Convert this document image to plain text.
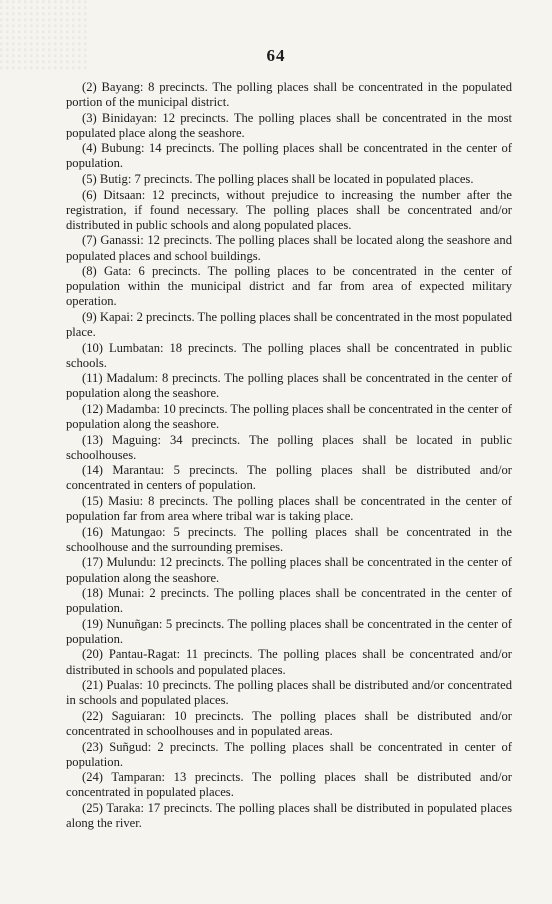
64

(2) Bayang: 8 precincts. The polling places shall be concentrated in the populated portion of the municipal district.

(3) Binidayan: 12 precincts. The polling places shall be concentrated in the most populated place along the seashore.

(4) Bubung: 14 precincts. The polling places shall be concentrated in the center of population.

(5) Butig: 7 precincts. The polling places shall be located in populated places.

(6) Ditsaan: 12 precincts, without prejudice to increasing the number after the registration, if found necessary. The polling places shall be concentrated and/or distributed in public schools and along populated places.

(7) Ganassi: 12 precincts. The polling places shall be located along the seashore and populated places and school buildings.

(8) Gata: 6 precincts. The polling places to be concentrated in the center of population within the municipal district and far from area of expected military operation.

(9) Kapai: 2 precincts. The polling places shall be concentrated in the most populated place.

(10) Lumbatan: 18 precincts. The polling places shall be concentrated in public schools.

(11) Madalum: 8 precincts. The polling places shall be concentrated in the center of population along the seashore.

(12) Madamba: 10 precincts. The polling places shall be concentrated in the center of population along the seashore.

(13) Maguing: 34 precincts. The polling places shall be located in public schoolhouses.

(14) Marantau: 5 precincts. The polling places shall be distributed and/or concentrated in centers of population.

(15) Masiu: 8 precincts. The polling places shall be concentrated in the center of population far from area where tribal war is taking place.

(16) Matungao: 5 precincts. The polling places shall be concentrated in the schoolhouse and the surrounding premises.

(17) Mulundu: 12 precincts. The polling places shall be concentrated in the center of population along the seashore.

(18) Munai: 2 precincts. The polling places shall be concentrated in the center of population.

(19) Nunuñgan: 5 precincts. The polling places shall be concentrated in the center of population.

(20) Pantau-Ragat: 11 precincts. The polling places shall be concentrated and/or distributed in schools and populated places.

(21) Pualas: 10 precincts. The polling places shall be distributed and/or concentrated in schools and populated places.

(22) Saguiaran: 10 precincts. The polling places shall be distributed and/or concentrated in schoolhouses and in populated areas.

(23) Suñgud: 2 precincts. The polling places shall be concentrated in center of population.

(24) Tamparan: 13 precincts. The polling places shall be distributed and/or concentrated in populated places.

(25) Taraka: 17 precincts. The polling places shall be distributed in populated places along the river.
